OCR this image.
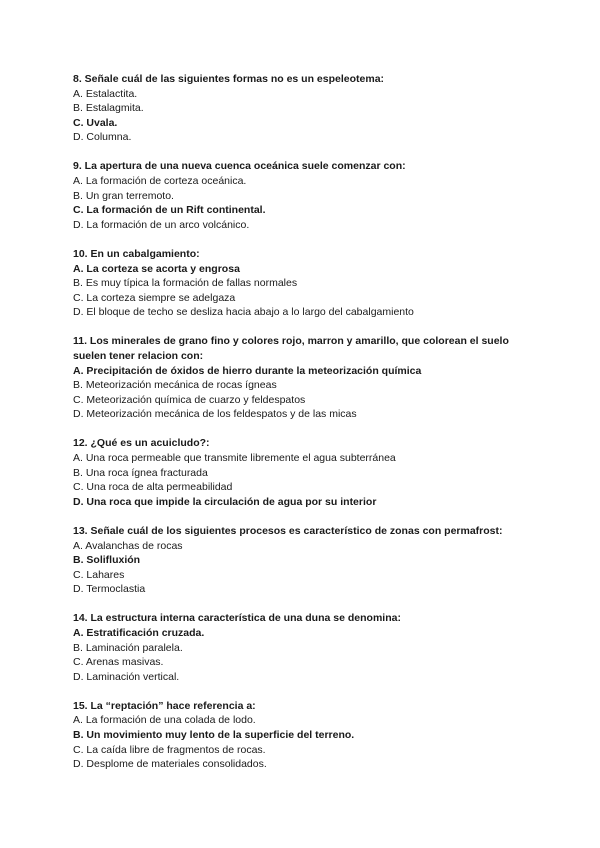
8. Señale cuál de las siguientes formas no es un espeleotema:
A. Estalactita.
B. Estalagmita.
C. Uvala.
D. Columna.
9. La apertura de una nueva cuenca oceánica suele comenzar con:
A. La formación de corteza oceánica.
B. Un gran terremoto.
C. La formación de un Rift continental.
D. La formación de un arco volcánico.
10. En un cabalgamiento:
A. La corteza se acorta y engrosa
B. Es muy típica la formación de fallas normales
C. La corteza siempre se adelgaza
D. El bloque de techo se desliza hacia abajo a lo largo del cabalgamiento
11. Los minerales de grano fino y colores rojo, marron y amarillo, que colorean el suelo suelen tener relacion con:
A. Precipitación de óxidos de hierro durante la meteorización química
B. Meteorización mecánica de rocas ígneas
C. Meteorización química de cuarzo y feldespatos
D. Meteorización mecánica de los feldespatos y de las micas
12. ¿Qué es un acuicludo?:
A. Una roca permeable que transmite libremente el agua subterránea
B. Una roca ígnea fracturada
C. Una roca de alta permeabilidad
D. Una roca que impide la circulación de agua por su interior
13. Señale cuál de los siguientes procesos es característico de zonas con permafrost:
A. Avalanchas de rocas
B. Solifluxión
C. Lahares
D. Termoclastia
14. La estructura interna característica de una duna se denomina:
A. Estratificación cruzada.
B. Laminación paralela.
C. Arenas masivas.
D. Laminación vertical.
15. La “reptación” hace referencia a:
A. La formación de una colada de lodo.
B. Un movimiento muy lento de la superficie del terreno.
C. La caída libre de fragmentos de rocas.
D. Desplome de materiales consolidados.
